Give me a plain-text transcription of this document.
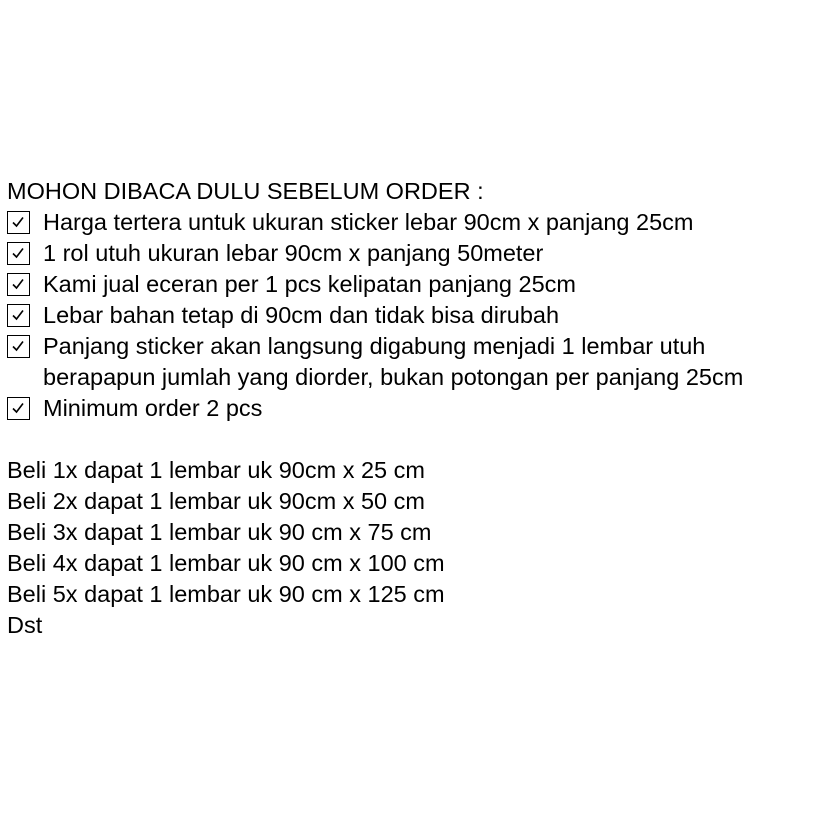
MOHON DIBACA DULU SEBELUM ORDER :
Harga tertera untuk ukuran sticker lebar 90cm x panjang 25cm
1 rol utuh ukuran lebar 90cm x panjang 50meter
Kami jual eceran per 1 pcs kelipatan panjang 25cm
Lebar bahan tetap di 90cm dan tidak bisa dirubah
Panjang sticker akan langsung digabung menjadi 1 lembar utuh
berapapun jumlah yang diorder, bukan potongan per panjang 25cm
Minimum order 2 pcs
Beli 1x dapat 1 lembar uk 90cm x 25 cm
Beli 2x dapat 1 lembar uk 90cm x 50 cm
Beli 3x dapat 1 lembar uk 90 cm x 75 cm
Beli 4x dapat 1 lembar uk 90 cm x 100 cm
Beli 5x dapat 1 lembar uk 90 cm x 125 cm
Dst
